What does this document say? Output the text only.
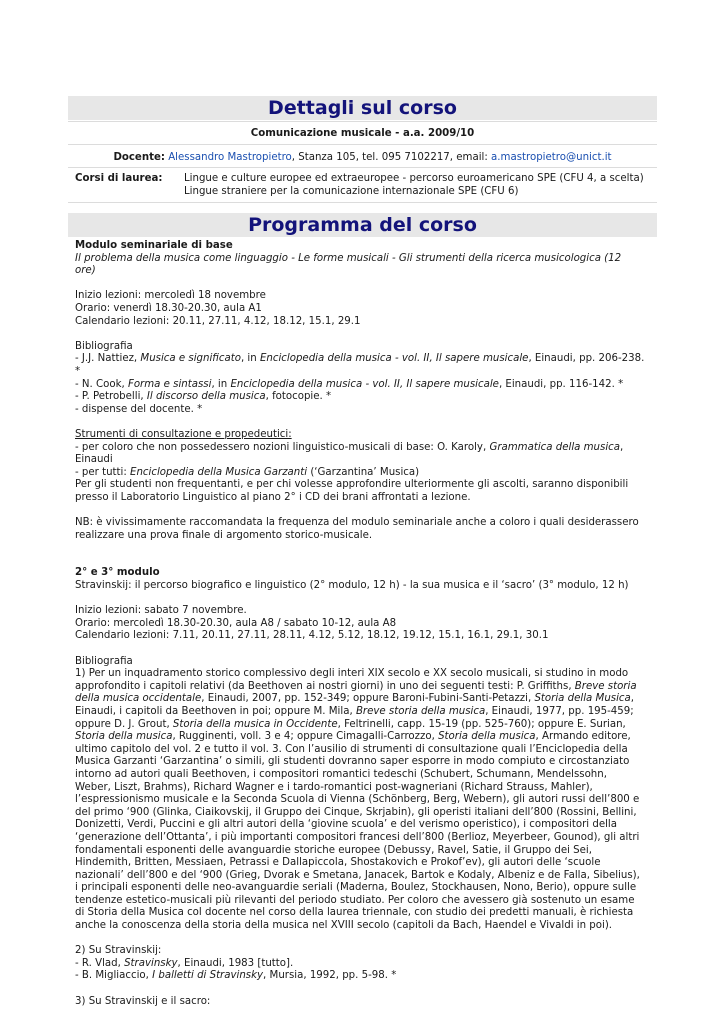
Dettagli sul corso
Comunicazione musicale - a.a. 2009/10
Docente: Alessandro Mastropietro, Stanza 105, tel. 095 7102217, email: a.mastropietro@unict.it
Corsi di laurea:	Lingue e culture europee ed extraeuropee - percorso euroamericano SPE (CFU 4, a scelta)

Lingue straniere per la comunicazione internazionale SPE (CFU 6)

Programma del corso

Modulo seminariale di base

Il problema della musica come linguaggio - Le forme musicali - Gli strumenti della ricerca musicologica (12 ore)

Inizio lezioni: mercoledì 18 novembre

Orario: venerdì 18.30-20.30, aula A1

Calendario lezioni: 20.11, 27.11, 4.12, 18.12, 15.1, 29.1

Bibliografia

- J.J. Nattiez, Musica e significato, in Enciclopedia della musica - vol. II, Il sapere musicale, Einaudi, pp. 206-238. *

- N. Cook, Forma e sintassi, in Enciclopedia della musica - vol. II, Il sapere musicale, Einaudi, pp. 116-142. *

- P. Petrobelli, Il discorso della musica, fotocopie. *

- dispense del docente. *

Strumenti di consultazione e propedeutici:

- per coloro che non possedessero nozioni linguistico-musicali di base: O. Karoly, Grammatica della musica, Einaudi

- per tutti: Enciclopedia della Musica Garzanti (‘Garzantina’ Musica)

Per gli studenti non frequentanti, e per chi volesse approfondire ulteriormente gli ascolti, saranno disponibili presso il Laboratorio Linguistico al piano 2° i CD dei brani affrontati a lezione.

NB: è vivissimamente raccomandata la frequenza del modulo seminariale anche a coloro i quali desiderassero realizzare una prova finale di argomento storico-musicale.

2° e 3° modulo

Stravinskij: il percorso biografico e linguistico (2° modulo, 12 h) - la sua musica e il ‘sacro’ (3° modulo, 12 h)

Inizio lezioni: sabato 7 novembre.

Orario: mercoledì 18.30-20.30, aula A8 / sabato 10-12, aula A8

Calendario lezioni: 7.11, 20.11, 27.11, 28.11, 4.12, 5.12, 18.12, 19.12, 15.1, 16.1, 29.1, 30.1

Bibliografia

1) Per un inquadramento storico complessivo degli interi XIX secolo e XX secolo musicali, si studino in modo approfondito i capitoli relativi (da Beethoven ai nostri giorni) in uno dei seguenti testi: P. Griffiths, Breve storia della musica occidentale, Einaudi, 2007, pp. 152-349; oppure Baroni-Fubini-Santi-Petazzi, Storia della Musica, Einaudi, i capitoli da Beethoven in poi; oppure M. Mila, Breve storia della musica, Einaudi, 1977, pp. 195-459; oppure D. J. Grout, Storia della musica in Occidente, Feltrinelli, capp. 15-19 (pp. 525-760); oppure E. Surian, Storia della musica, Rugginenti, voll. 3 e 4; oppure Cimagalli-Carrozzo, Storia della musica, Armando editore, ultimo capitolo del vol. 2 e tutto il vol. 3. Con l’ausilio di strumenti di consultazione quali l’Enciclopedia della Musica Garzanti ‘Garzantina’ o simili, gli studenti dovranno saper esporre in modo compiuto e circostanziato intorno ad autori quali Beethoven, i compositori romantici tedeschi (Schubert, Schumann, Mendelssohn, Weber, Liszt, Brahms), Richard Wagner e i tardo-romantici post-wagneriani (Richard Strauss, Mahler), l’espressionismo musicale e la Seconda Scuola di Vienna (Schönberg, Berg, Webern), gli autori russi dell’800 e del primo ‘900 (Glinka, Ciaikovskij, il Gruppo dei Cinque, Skrjabin), gli operisti italiani dell’800 (Rossini, Bellini, Donizetti, Verdi, Puccini e gli altri autori della ‘giovine scuola’ e del verismo operistico), i compositori della ‘generazione dell’Ottanta’, i più importanti compositori francesi dell’800 (Berlioz, Meyerbeer, Gounod), gli altri fondamentali esponenti delle avanguardie storiche europee (Debussy, Ravel, Satie, il Gruppo dei Sei, Hindemith, Britten, Messiaen, Petrassi e Dallapiccola, Shostakovich e Prokof’ev), gli autori delle ‘scuole nazionali’ dell’800 e del ‘900 (Grieg, Dvorak e Smetana, Janacek, Bartok e Kodaly, Albeniz e de Falla, Sibelius), i principali esponenti delle neo-avanguardie seriali (Maderna, Boulez, Stockhausen, Nono, Berio), oppure sulle tendenze estetico-musicali più rilevanti del periodo studiato. Per coloro che avessero già sostenuto un esame di Storia della Musica col docente nel corso della laurea triennale, con studio dei predetti manuali, è richiesta anche la conoscenza della storia della musica nel XVIII secolo (capitoli da Bach, Haendel e Vivaldi in poi).

2) Su Stravinskij:

- R. Vlad, Stravinsky, Einaudi, 1983 [tutto].

- B. Migliaccio, I balletti di Stravinsky, Mursia, 1992, pp. 5-98. *

3) Su Stravinskij e il sacro:
